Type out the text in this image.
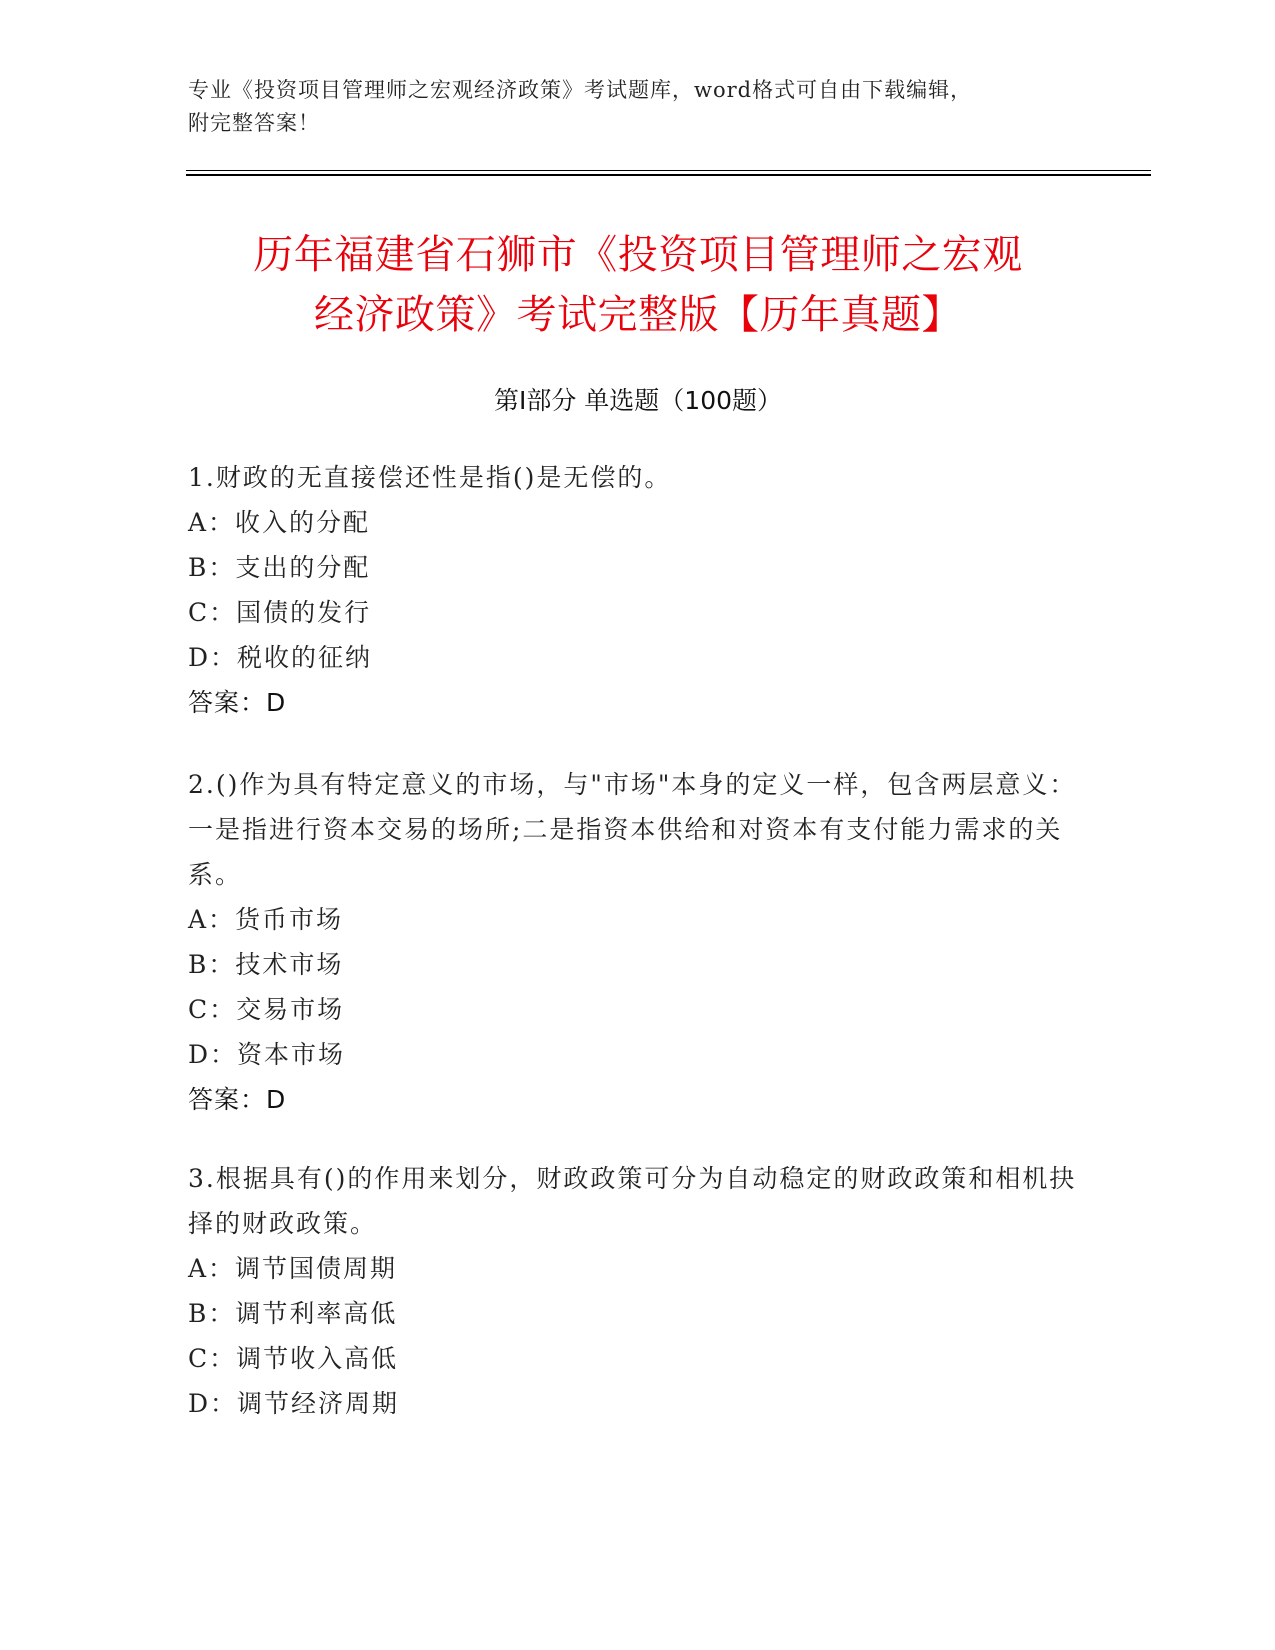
专业《投资项目管理师之宏观经济政策》考试题库，word格式可自由下载编辑，
附完整答案！
历年福建省石狮市《投资项目管理师之宏观
经济政策》考试完整版【历年真题】
第Ⅰ部分 单选题（100题）

1.财政的无直接偿还性是指()是无偿的。

A：收入的分配

B：支出的分配

C：国债的发行

D：税收的征纳

答案：D

2.()作为具有特定意义的市场，与"市场"本身的定义一样，包含两层意义：一是指进行资本交易的场所;二是指资本供给和对资本有支付能力需求的关系。

A：货币市场

B：技术市场

C：交易市场

D：资本市场

答案：D

3.根据具有()的作用来划分，财政政策可分为自动稳定的财政政策和相机抉择的财政政策。

A：调节国债周期

B：调节利率高低

C：调节收入高低

D：调节经济周期
